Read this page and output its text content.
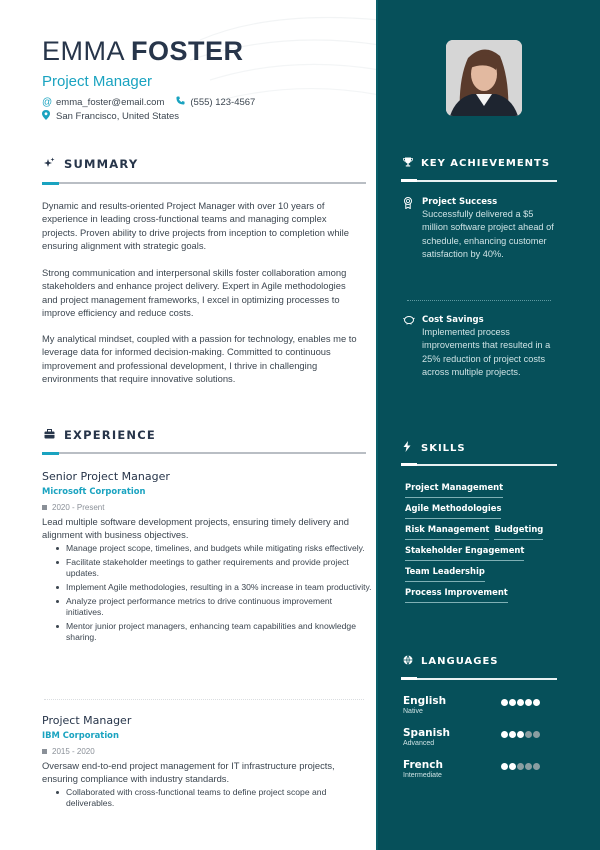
EMMA FOSTER
Project Manager
@ emma_foster@email.com	(555) 123-4567
San Francisco, United States
SUMMARY

Dynamic and results-oriented Project Manager with over 10 years of experience in leading cross-functional teams and managing complex projects. Proven ability to drive projects from inception to completion while ensuring alignment with strategic goals.

Strong communication and interpersonal skills foster collaboration among stakeholders and enhance project delivery. Expert in Agile methodologies and project management frameworks, I excel in optimizing processes to improve efficiency and reduce costs.

My analytical mindset, coupled with a passion for technology, enables me to leverage data for informed decision-making. Committed to continuous improvement and professional development, I thrive in challenging environments that require innovative solutions.

EXPERIENCE
Senior Project Manager
Microsoft Corporation
2020 - Present
Lead multiple software development projects, ensuring timely delivery and alignment with business objectives.
Manage project scope, timelines, and budgets while mitigating risks effectively.
Facilitate stakeholder meetings to gather requirements and provide project updates.
Implement Agile methodologies, resulting in a 30% increase in team productivity.
Analyze project performance metrics to drive continuous improvement initiatives.
Mentor junior project managers, enhancing team capabilities and knowledge sharing.
Project Manager
IBM Corporation
2015 - 2020
Oversaw end-to-end project management for IT infrastructure projects, ensuring compliance with industry standards.
Collaborated with cross-functional teams to define project scope and deliverables.
KEY ACHIEVEMENTS
Project Success
Successfully delivered a $5 million software project ahead of schedule, enhancing customer satisfaction by 40%.
Cost Savings
Implemented process improvements that resulted in a 25% reduction of project costs across multiple projects.
SKILLS
Project Management
Agile Methodologies
Risk Management Budgeting
Stakeholder Engagement
Team Leadership
Process Improvement
LANGUAGES
English
Native
Spanish
Advanced
French
Intermediate
